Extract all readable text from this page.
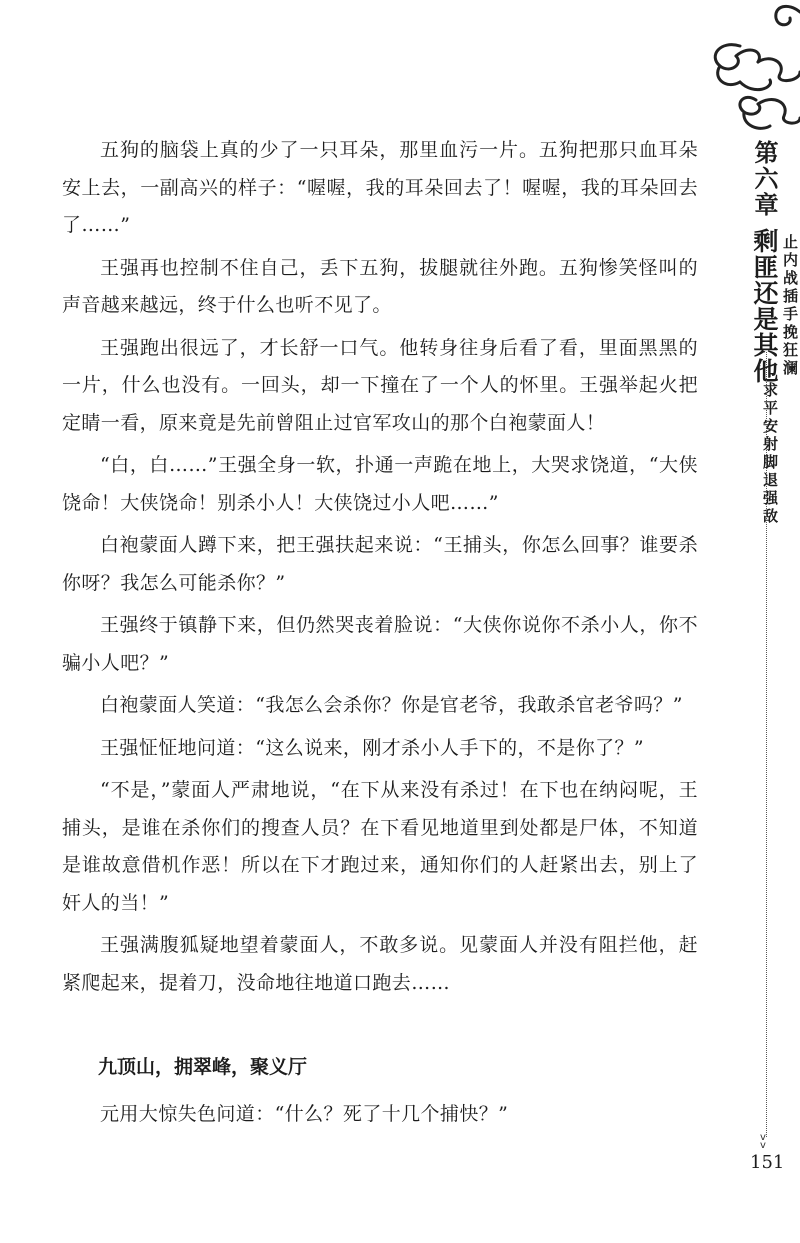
第六章
剩匪还是其他 止内战插手挽狂澜
求平安射脚退强敌
v
v
151

五狗的脑袋上真的少了一只耳朵，那里血污一片。五狗把那只血耳朵安上去，一副高兴的样子：“喔喔，我的耳朵回去了！喔喔，我的耳朵回去了……”

王强再也控制不住自己，丢下五狗，拔腿就往外跑。五狗惨笑怪叫的声音越来越远，终于什么也听不见了。

王强跑出很远了，才长舒一口气。他转身往身后看了看，里面黑黑的一片，什么也没有。一回头，却一下撞在了一个人的怀里。王强举起火把定睛一看，原来竟是先前曾阻止过官军攻山的那个白袍蒙面人！

“白，白……”王强全身一软，扑通一声跪在地上，大哭求饶道，“大侠饶命！大侠饶命！别杀小人！大侠饶过小人吧……”

白袍蒙面人蹲下来，把王强扶起来说：“王捕头，你怎么回事？谁要杀你呀？我怎么可能杀你？”

王强终于镇静下来，但仍然哭丧着脸说：“大侠你说你不杀小人，你不骗小人吧？”

白袍蒙面人笑道：“我怎么会杀你？你是官老爷，我敢杀官老爷吗？”

王强怔怔地问道：“这么说来，刚才杀小人手下的，不是你了？”

“不是，”蒙面人严肃地说，“在下从来没有杀过！在下也在纳闷呢，王捕头，是谁在杀你们的搜查人员？在下看见地道里到处都是尸体，不知道是谁故意借机作恶！所以在下才跑过来，通知你们的人赶紧出去，别上了奸人的当！”

王强满腹狐疑地望着蒙面人，不敢多说。见蒙面人并没有阻拦他，赶紧爬起来，提着刀，没命地往地道口跑去……

九顶山，拥翠峰，聚义厅

元用大惊失色问道：“什么？死了十几个捕快？”
